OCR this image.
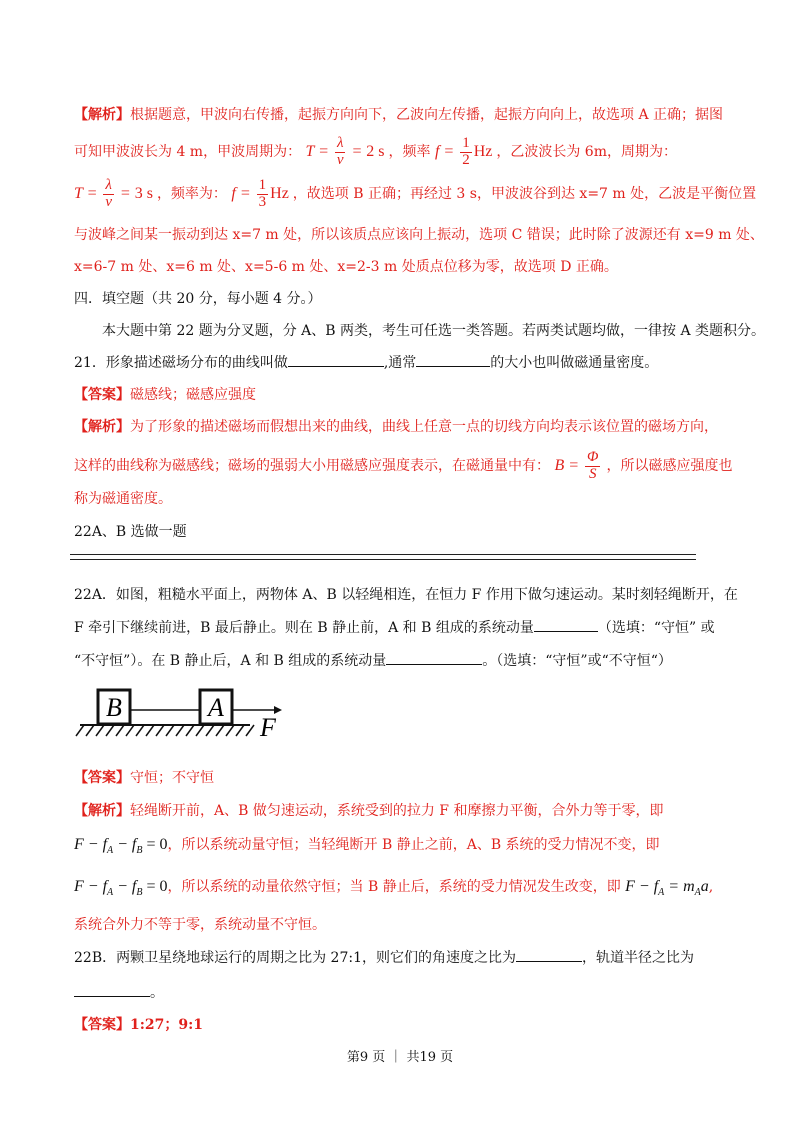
【解析】根据题意，甲波向右传播，起振方向向下，乙波向左传播，起振方向向上，故选项 A 正确；据图
可知甲波波长为 4 m，甲波周期为： $T = \frac{\lambda}{v} = 2$ s ，频率 $f = \frac{1}{2}$ Hz ，乙波波长为 6m，周期为：
$T = \frac{\lambda}{v} = 3$ s ，频率为： $f = \frac{1}{3}$ Hz ，故选项 B 正确；再经过 3 s，甲波波谷到达 x=7 m 处，乙波是平衡位置
与波峰之间某一振动到达 x=7 m 处，所以该质点应该向上振动，选项 C 错误；此时除了波源还有 x=9 m 处、
x=6-7 m 处、x=6 m 处、x=5-6 m 处、x=2-3 m 处质点位移为零，故选项 D 正确。
四．填空题（共 20 分，每小题 4 分。）
本大题中第 22 题为分叉题，分 A、B 两类，考生可任选一类答题。若两类试题均做，一律按 A 类题积分。
21．形象描述磁场分布的曲线叫做	,通常	的大小也叫做磁通量密度。
【答案】磁感线；磁感应强度
【解析】为了形象的描述磁场而假想出来的曲线，曲线上任意一点的切线方向均表示该位置的磁场方向，
这样的曲线称为磁感线；磁场的强弱大小用磁感应强度表示，在磁通量中有： $B = \frac{\Phi}{S}$ ，所以磁感应强度也
称为磁通密度。
22A、B 选做一题
22A．如图，粗糙水平面上，两物体 A、B 以轻绳相连，在恒力 F 作用下做匀速运动。某时刻轻绳断开，在
F 牵引下继续前进，B 最后静止。则在 B 静止前，A 和 B 组成的系统动量	（选填：“守恒” 或
“不守恒”）。在 B 静止后，A 和 B 组成的系统动量	。（选填：“守恒”或“不守恒“）
B	A
F
【答案】守恒；不守恒
【解析】轻绳断开前，A、B 做匀速运动，系统受到的拉力 F 和摩擦力平衡，合外力等于零，即
$F - f_A - f_B = 0$，所以系统动量守恒；当轻绳断开 B 静止之前，A、B 系统的受力情况不变，即
$F - f_A - f_B = 0$，所以系统的动量依然守恒；当 B 静止后，系统的受力情况发生改变，即 $F - f_A = m_Aa$,
系统合外力不等于零，系统动量不守恒。
22B．两颗卫星绕地球运行的周期之比为 27:1，则它们的角速度之比为	，轨道半径之比为
。
【答案】1:27；9:1
第9 页 ｜ 共19 页
